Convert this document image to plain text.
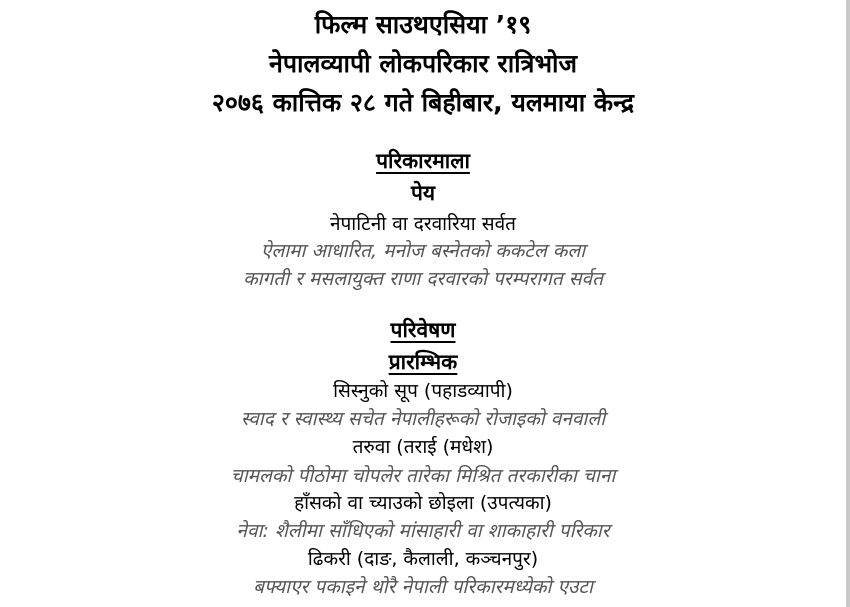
फिल्म साउथएसिया ’१९
नेपालव्यापी लोकपरिकार रात्रिभोज
२०७६ कात्तिक २८ गते बिहीबार, यलमाया केन्द्र
परिकारमाला
पेय
नेपाटिनी वा दरवारिया सर्वत
ऐलामा आधारित, मनोज बस्नेतको ककटेल कला
कागती र मसलायुक्त राणा दरवारको परम्परागत सर्वत
परिवेषण
प्रारम्भिक
सिस्नुको सूप (पहाडव्यापी)
स्वाद र स्वास्थ्य सचेत नेपालीहरूको रोजाइको वनवाली
तरुवा (तराई (मधेश)
चामलको पीठोमा चोपलेर तारेका मिश्रित तरकारीका चाना
हाँसको वा च्याउको छोइला (उपत्यका)
नेवा: शैलीमा साँधिएको मांसाहारी वा शाकाहारी परिकार
ढिकरी (दाङ, कैलाली, कञ्चनपुर)
बफ्याएर पकाइने थोरै नेपाली परिकारमध्येको एउटा
